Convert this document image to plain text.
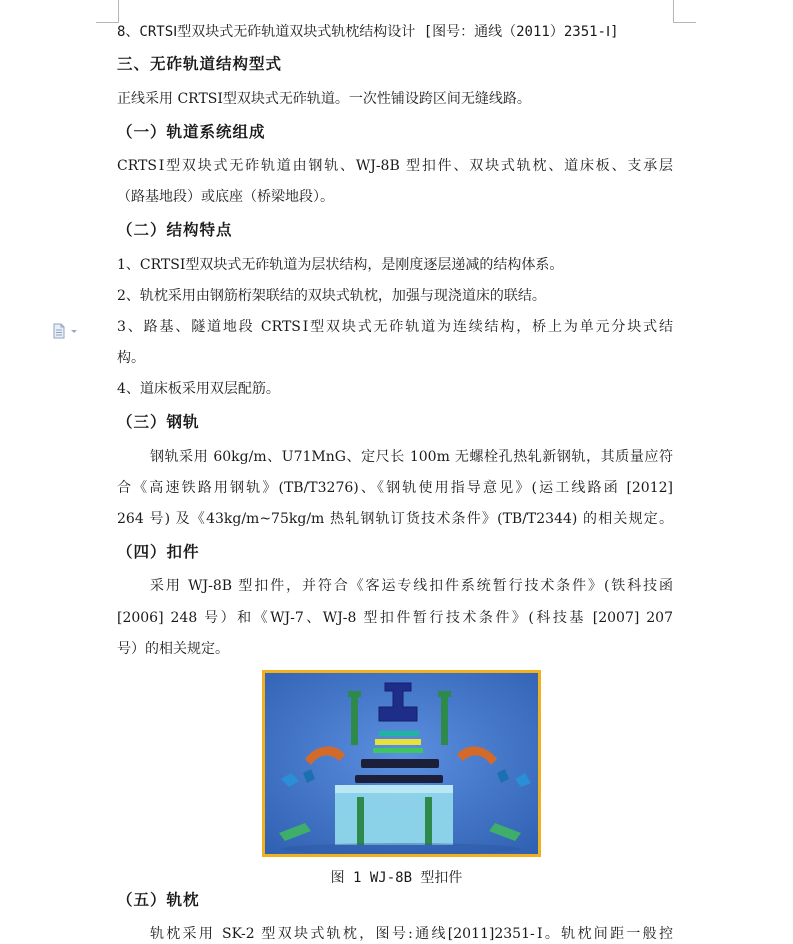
8、CRTSⅠ型双块式无砟轨道双块式轨枕结构设计 [图号：通线（2011）2351-Ⅰ]
三、无砟轨道结构型式
正线采用 CRTSⅠ型双块式无砟轨道。一次性铺设跨区间无缝线路。
（一）轨道系统组成
CRTSⅠ型双块式无砟轨道由钢轨、WJ-8B 型扣件、双块式轨枕、道床板、支承层
（路基地段）或底座（桥梁地段）。
（二）结构特点
1、CRTSⅠ型双块式无砟轨道为层状结构，是刚度逐层递减的结构体系。
2、轨枕采用由钢筋桁架联结的双块式轨枕，加强与现浇道床的联结。
3、路基、隧道地段 CRTSⅠ型双块式无砟轨道为连续结构，桥上为单元分块式结
构。
4、道床板采用双层配筋。
（三）钢轨
钢轨采用 60kg/m、U71MnG、定尺长 100m 无螺栓孔热轧新钢轨，其质量应符
合《高速铁路用钢轨》(TB/T3276)、《钢轨使用指导意见》(运工线路函 [2012]
264 号) 及《43kg/m~75kg/m 热轧钢轨订货技术条件》(TB/T2344) 的相关规定。
（四）扣件
采用 WJ-8B 型扣件，并符合《客运专线扣件系统暂行技术条件》(铁科技函
[2006] 248 号）和《WJ-7、WJ-8 型扣件暂行技术条件》(科技基 [2007] 207
号）的相关规定。
图 1 WJ-8B 型扣件
（五）轨枕
轨枕采用 SK-2 型双块式轨枕，图号:通线[2011]2351-Ⅰ。轨枕间距一般控
